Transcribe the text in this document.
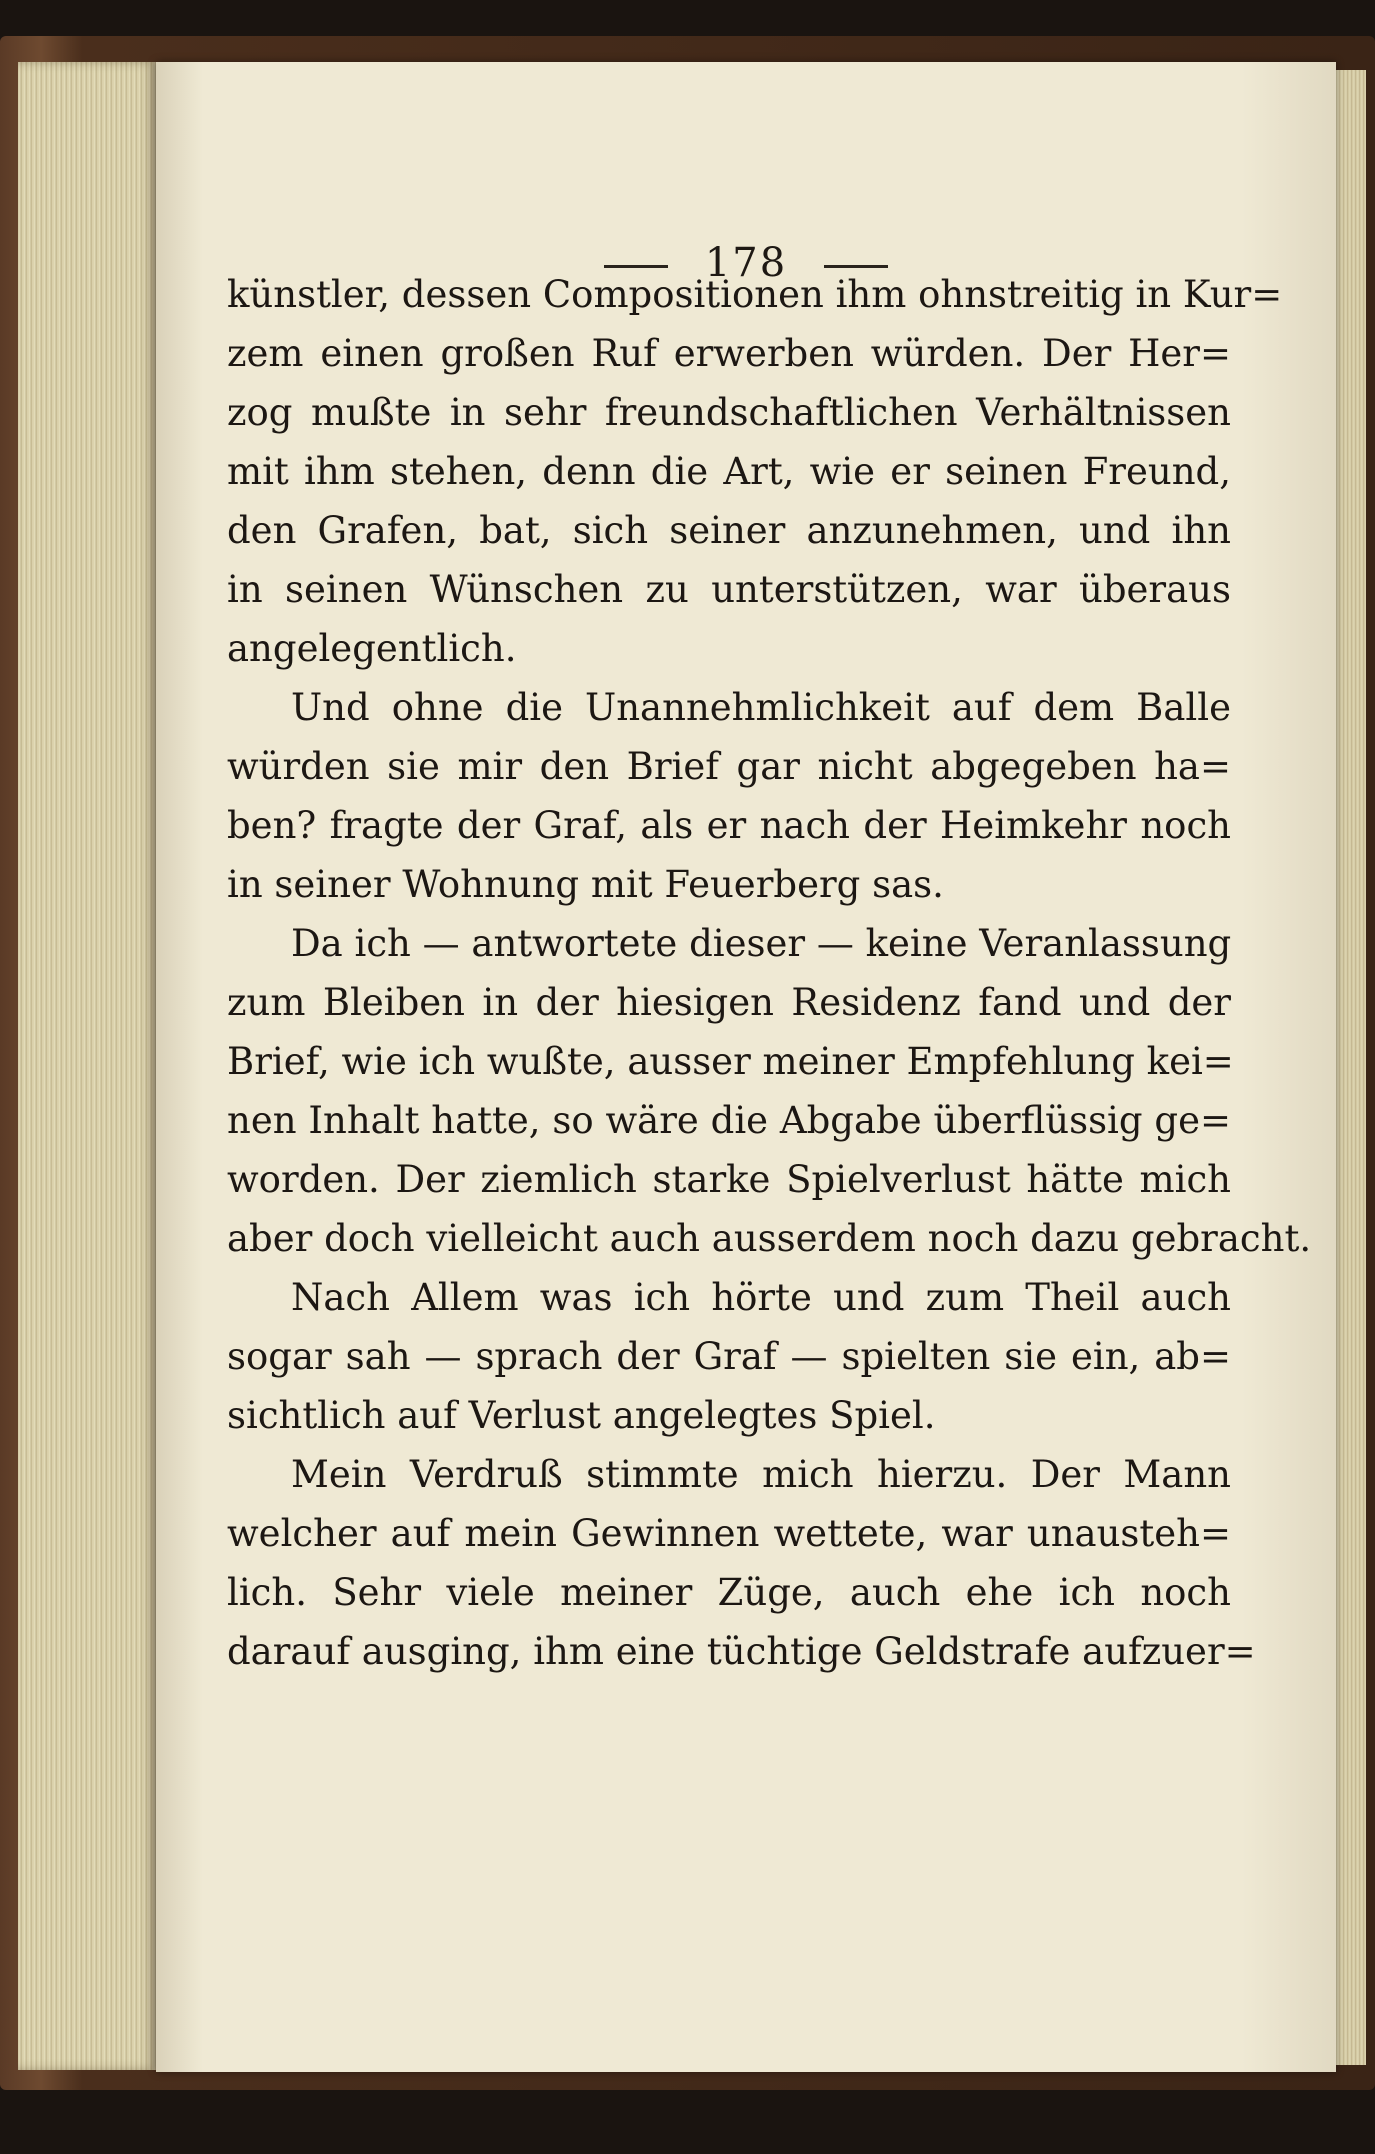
178
künstler, dessen Compositionen ihm ohnstreitig in Kur=
zem einen großen Ruf erwerben würden. Der Her=
zog mußte in sehr freundschaftlichen Verhältnissen
mit ihm stehen, denn die Art, wie er seinen Freund,
den Grafen, bat, sich seiner anzunehmen, und ihn
in seinen Wünschen zu unterstützen, war überaus
angelegentlich.
Und ohne die Unannehmlichkeit auf dem Balle
würden sie mir den Brief gar nicht abgegeben ha=
ben? fragte der Graf, als er nach der Heimkehr noch
in seiner Wohnung mit Feuerberg sas.
Da ich — antwortete dieser — keine Veranlassung
zum Bleiben in der hiesigen Residenz fand und der
Brief, wie ich wußte, ausser meiner Empfehlung kei=
nen Inhalt hatte, so wäre die Abgabe überflüssig ge=
worden. Der ziemlich starke Spielverlust hätte mich
aber doch vielleicht auch ausserdem noch dazu gebracht.
Nach Allem was ich hörte und zum Theil auch
sogar sah — sprach der Graf — spielten sie ein, ab=
sichtlich auf Verlust angelegtes Spiel.
Mein Verdruß stimmte mich hierzu. Der Mann
welcher auf mein Gewinnen wettete, war unausteh=
lich. Sehr viele meiner Züge, auch ehe ich noch
darauf ausging, ihm eine tüchtige Geldstrafe aufzuer=
